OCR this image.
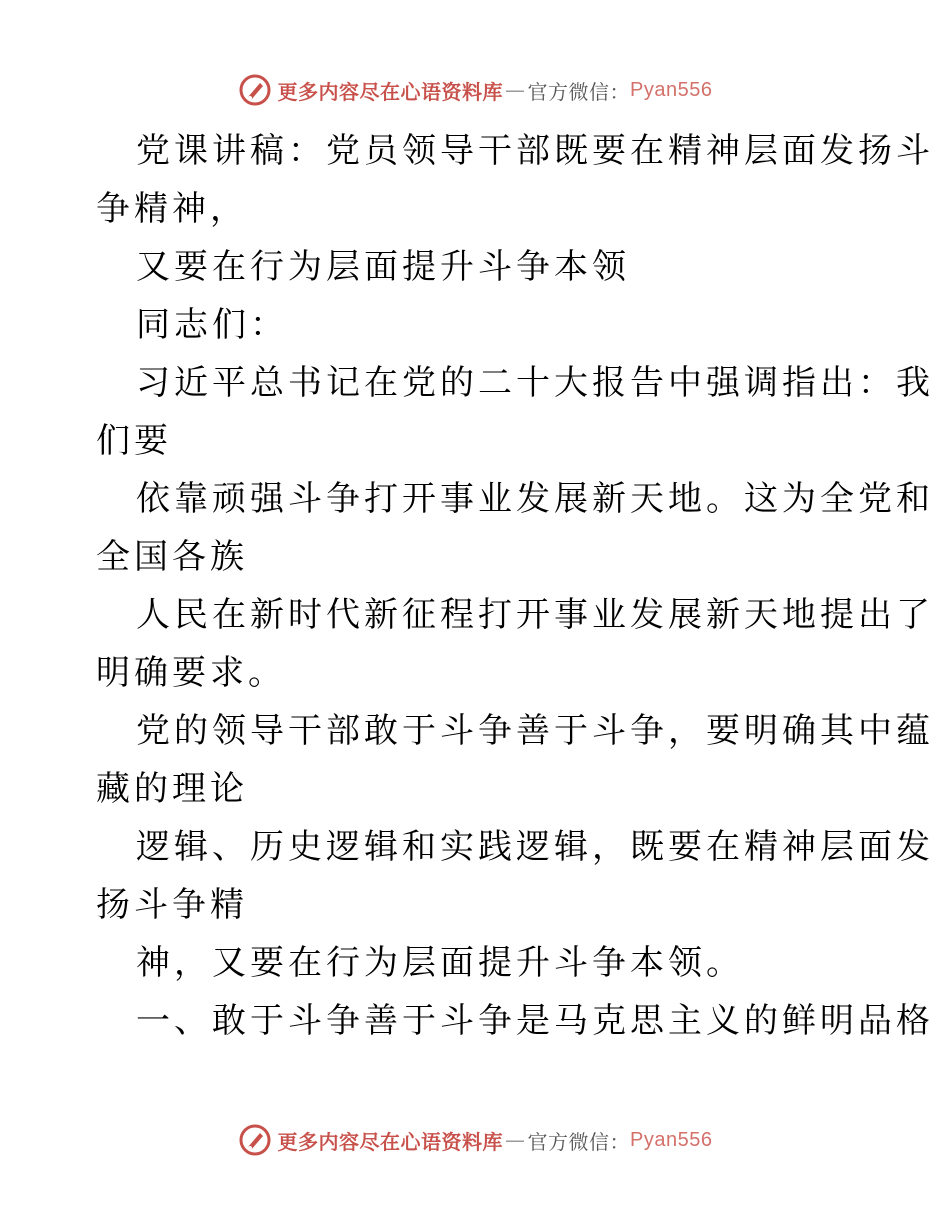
更多内容尽在心语资料库 — 官方微信： Pyan556

党课讲稿：党员领导干部既要在精神层面发扬斗

争精神，

又要在行为层面提升斗争本领

同志们：

习近平总书记在党的二十大报告中强调指出：我

们要

依靠顽强斗争打开事业发展新天地。这为全党和

全国各族

人民在新时代新征程打开事业发展新天地提出了

明确要求。

党的领导干部敢于斗争善于斗争，要明确其中蕴

藏的理论

逻辑、历史逻辑和实践逻辑，既要在精神层面发

扬斗争精

神，又要在行为层面提升斗争本领。

一、敢于斗争善于斗争是马克思主义的鲜明品格

更多内容尽在心语资料库 — 官方微信： Pyan556
